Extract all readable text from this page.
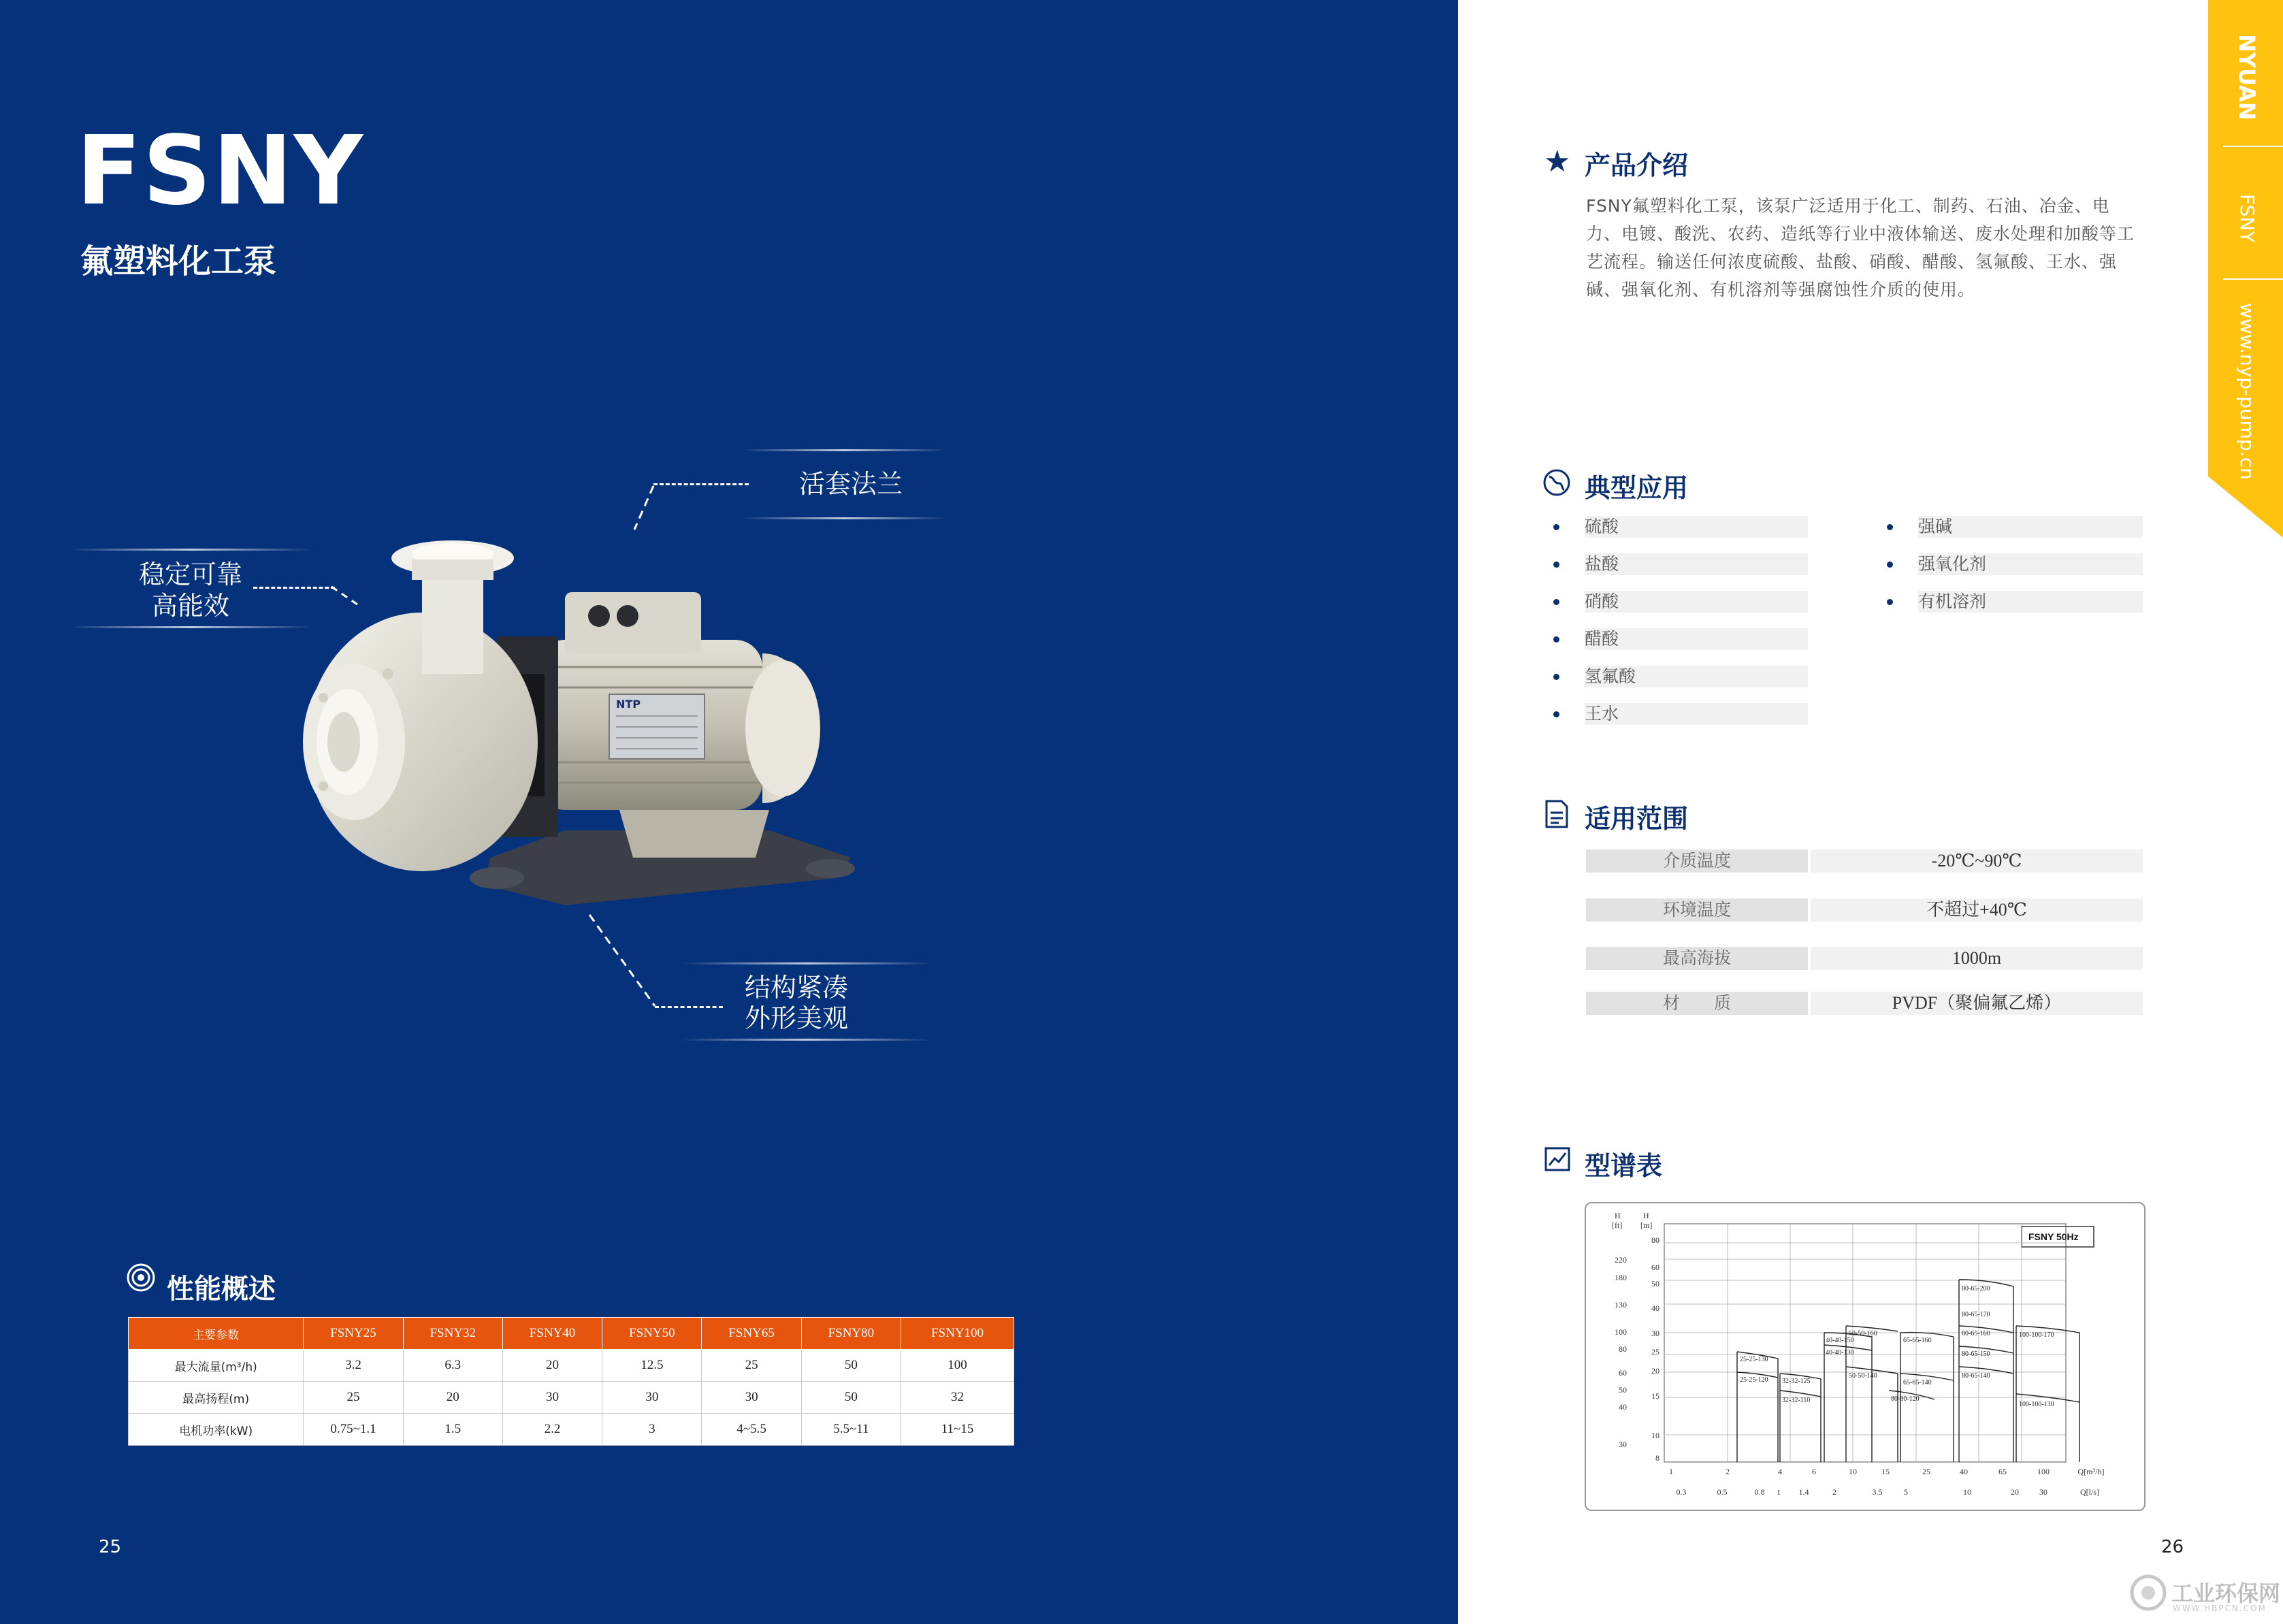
FSNY
氟塑料化工泵
活套法兰
稳定可靠
高能效
结构紧凑
外形美观
NTP
性能概述
主要参数	FSNY25	FSNY32	FSNY40	FSNY50	FSNY65	FSNY80	FSNY100
最大流量(m³/h)	3.2	6.3	20	12.5	25	50	100
最高扬程(m)	25	20	30	30	30	50	32
电机功率(kW)	0.75~1.1	1.5	2.2	3	4~5.5	5.5~11	11~15
25
NYUAN
FSNY
www.nyp-pump.cn
★ 产品介绍
FSNY氟塑料化工泵，该泵广泛适用于化工、制药、石油、冶金、电力、电镀、酸洗、农药、造纸等行业中液体输送、废水处理和加酸等工艺流程。输送任何浓度硫酸、盐酸、硝酸、醋酸、氢氟酸、王水、强碱、强氧化剂、有机溶剂等强腐蚀性介质的使用。
典型应用
硫酸
盐酸
硝酸
醋酸
氢氟酸
王水
强碱
强氧化剂
有机溶剂
适用范围
介质温度	-20℃~90℃
环境温度	不超过+40℃
最高海拔	1000m
材　　质	PVDF（聚偏氟乙烯）
型谱表
H
[ft]
H
[m]
FSNY 50Hz
220
180
130
100
80
60
50
40
30
80
60
50
40
30
25
20
15
10
8
1	2	4	6	10	15	25	40	65	100	Q[m³/h]
0.3	0.5	0.8 1 1.4	2	3.5	5	10	20	30	Q[l/s]
25-25-130
25-25-120 32-32-125
32-32-110
40-40-150
40-40-130
50-50-160
50-50-140
65-65-160
65-65-140
80-80-120
80-65-160
80-65-200
80-65-170
80-65-150
80-65-140
100-100-170
100-100-130
26
工业环保网
WWW.HBPCN.COM
